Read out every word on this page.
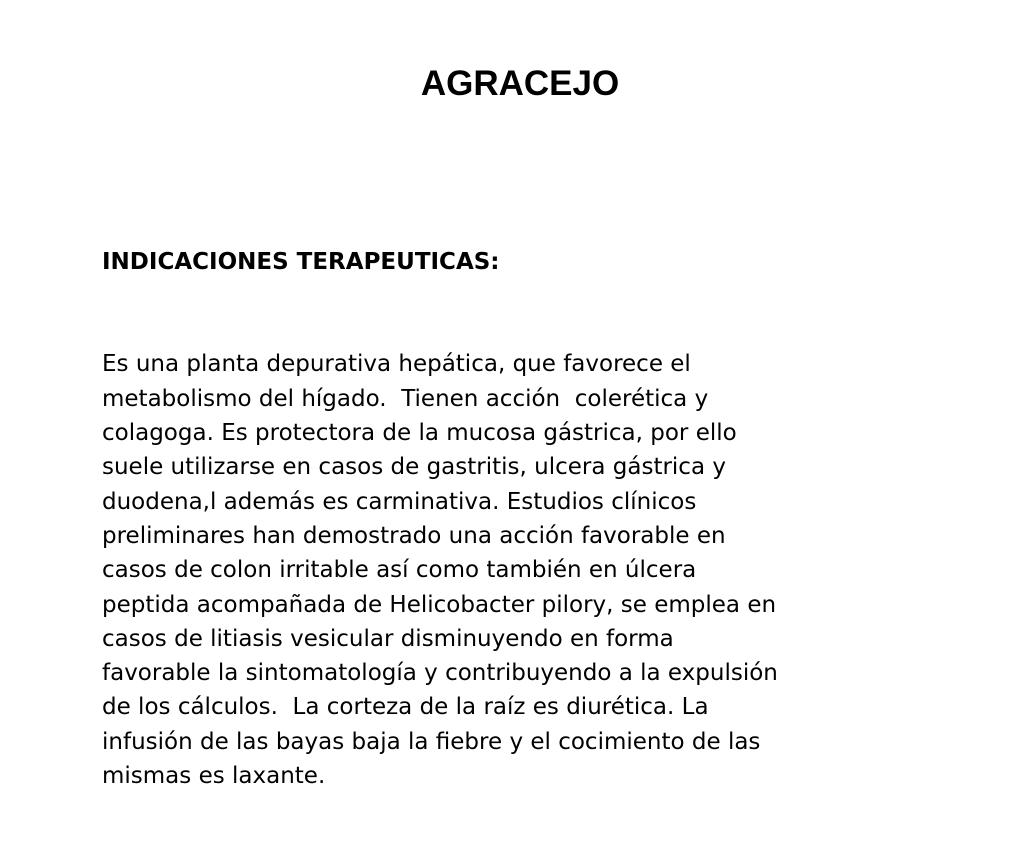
AGRACEJO

INDICACIONES TERAPEUTICAS:

Es una planta depurativa hepática, que favorece el
metabolismo del hígado.  Tienen acción  colerética y
colagoga. Es protectora de la mucosa gástrica, por ello
suele utilizarse en casos de gastritis, ulcera gástrica y
duodena,l además es carminativa. Estudios clínicos
preliminares han demostrado una acción favorable en
casos de colon irritable así como también en úlcera
peptida acompañada de Helicobacter pilory, se emplea en
casos de litiasis vesicular disminuyendo en forma
favorable la sintomatología y contribuyendo a la expulsión
de los cálculos.  La corteza de la raíz es diurética. La
infusión de las bayas baja la fiebre y el cocimiento de las
mismas es laxante.
